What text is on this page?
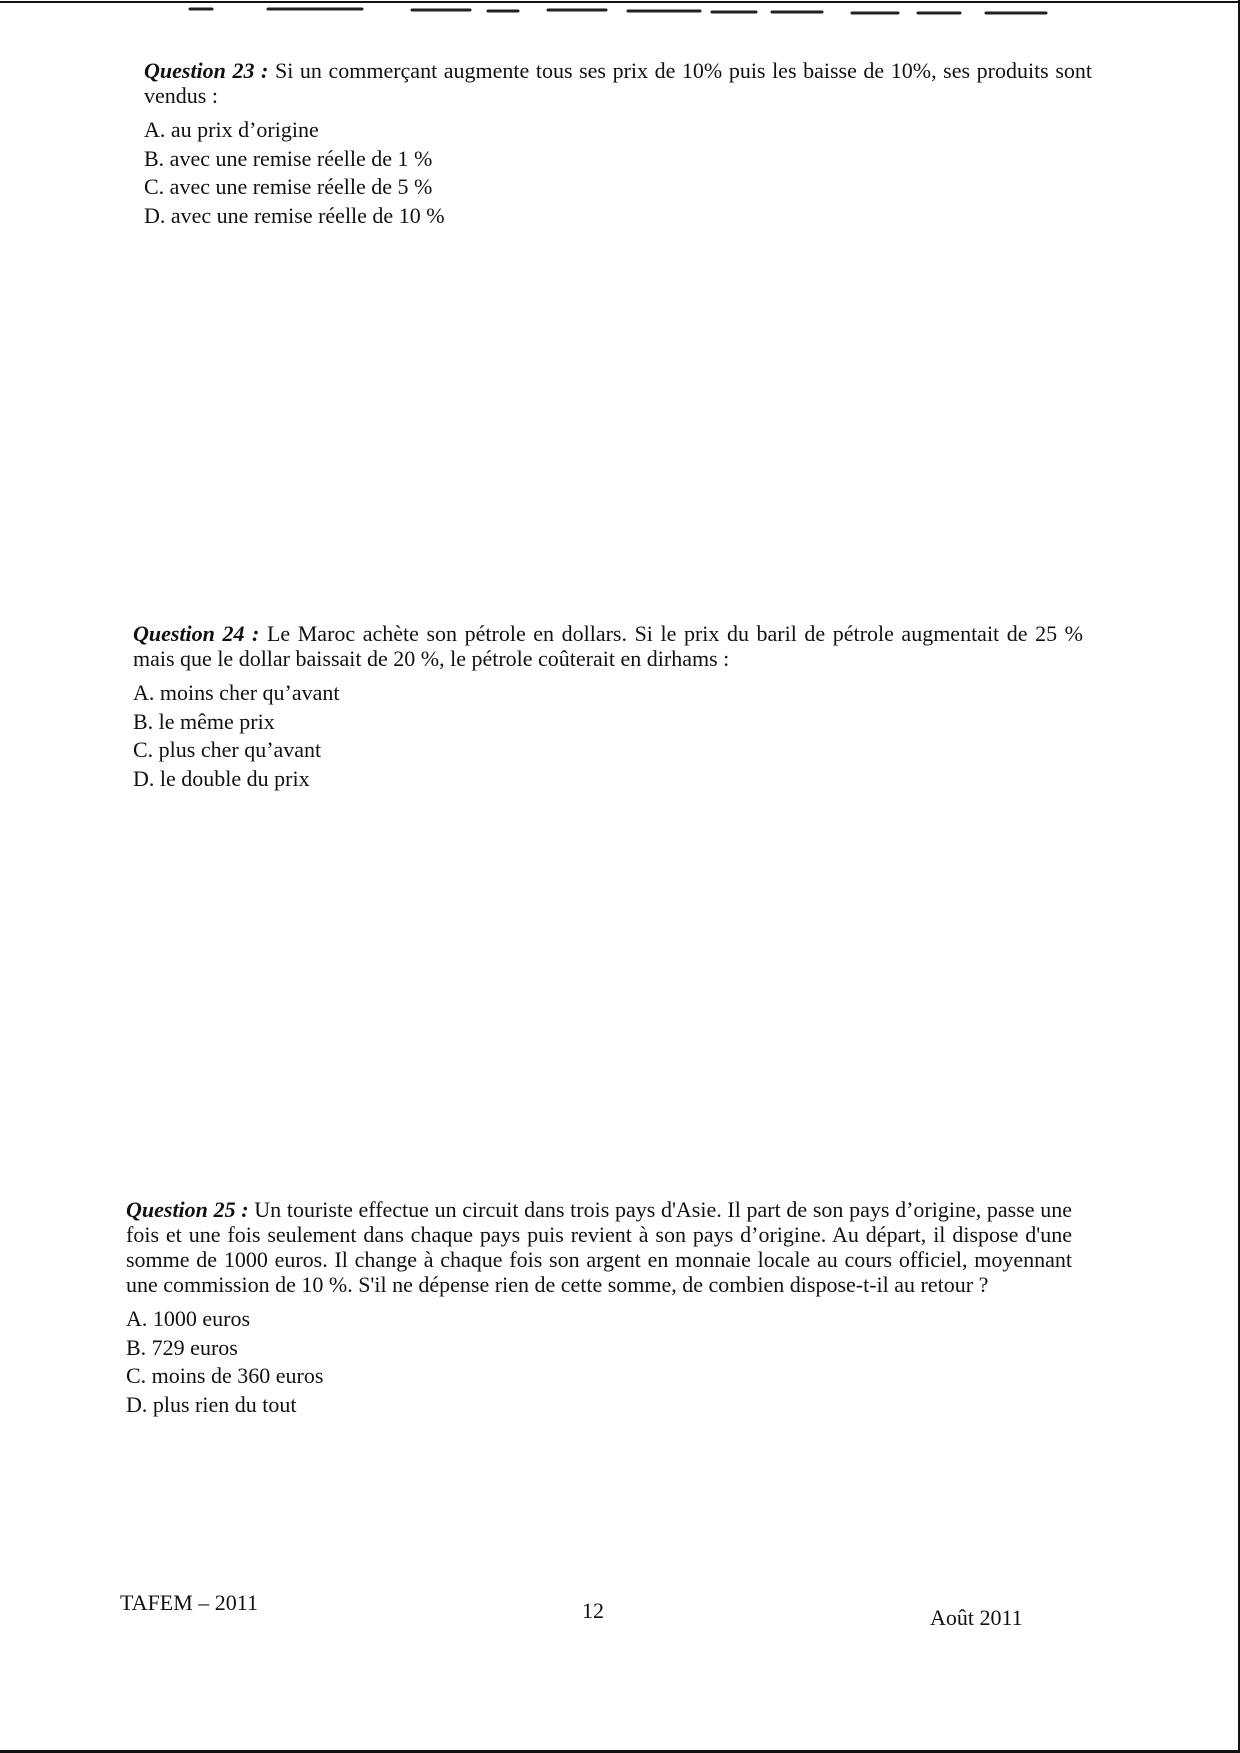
Question 23 : Si un commerçant augmente tous ses prix de 10% puis les baisse de 10%, ses produits sont vendus :

A. au prix d’origine
B. avec une remise réelle de 1 %
C. avec une remise réelle de 5 %
D. avec une remise réelle de 10 %

Question 24 : Le Maroc achète son pétrole en dollars. Si le prix du baril de pétrole augmentait de 25 % mais que le dollar baissait de 20 %, le pétrole coûterait en dirhams :

A. moins cher qu’avant
B. le même prix
C. plus cher qu’avant
D. le double du prix

Question 25 : Un touriste effectue un circuit dans trois pays d'Asie. Il part de son pays d’origine, passe une fois et une fois seulement dans chaque pays puis revient à son pays d’origine. Au départ, il dispose d'une somme de 1000 euros. Il change à chaque fois son argent en monnaie locale au cours officiel, moyennant une commission de 10 %. S'il ne dépense rien de cette somme, de combien dispose-t-il au retour ?

A. 1000 euros
B. 729 euros
C. moins de 360 euros
D. plus rien du tout
TAFEM – 2011	12	Août 2011
